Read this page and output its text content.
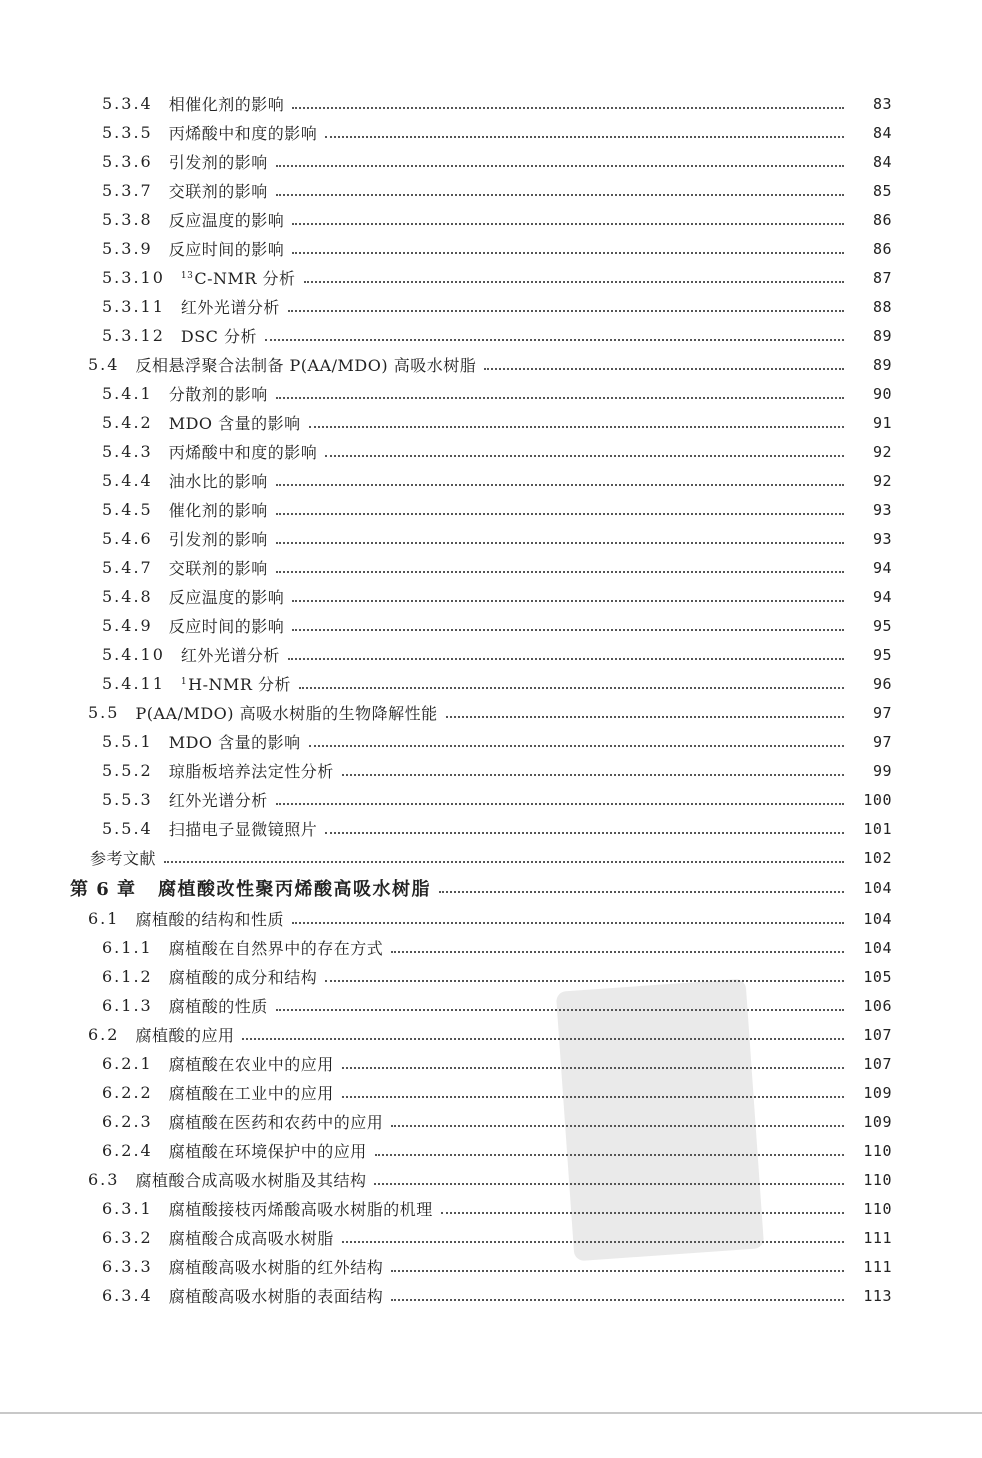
5.3.4 相催化剂的影响	83
5.3.5 丙烯酸中和度的影响	84
5.3.6 引发剂的影响	84
5.3.7 交联剂的影响	85
5.3.8 反应温度的影响	86
5.3.9 反应时间的影响	86
5.3.10 $^{13}$C-NMR 分析	87
5.3.11 红外光谱分析	88
5.3.12 DSC 分析	89
5.4 反相悬浮聚合法制备 P(AA/MDO) 高吸水树脂	89
5.4.1 分散剂的影响	90
5.4.2 MDO 含量的影响	91
5.4.3 丙烯酸中和度的影响	92
5.4.4 油水比的影响	92
5.4.5 催化剂的影响	93
5.4.6 引发剂的影响	93
5.4.7 交联剂的影响	94
5.4.8 反应温度的影响	94
5.4.9 反应时间的影响	95
5.4.10 红外光谱分析	95
5.4.11 $^1$H-NMR 分析	96
5.5 P(AA/MDO) 高吸水树脂的生物降解性能	97
5.5.1 MDO 含量的影响	97
5.5.2 琼脂板培养法定性分析	99
5.5.3 红外光谱分析	100
5.5.4 扫描电子显微镜照片	101
参考文献	102
第 6 章 腐植酸改性聚丙烯酸高吸水树脂	104
6.1 腐植酸的结构和性质	104
6.1.1 腐植酸在自然界中的存在方式	104
6.1.2 腐植酸的成分和结构	105
6.1.3 腐植酸的性质	106
6.2 腐植酸的应用	107
6.2.1 腐植酸在农业中的应用	107
6.2.2 腐植酸在工业中的应用	109
6.2.3 腐植酸在医药和农药中的应用	109
6.2.4 腐植酸在环境保护中的应用	110
6.3 腐植酸合成高吸水树脂及其结构	110
6.3.1 腐植酸接枝丙烯酸高吸水树脂的机理	110
6.3.2 腐植酸合成高吸水树脂	111
6.3.3 腐植酸高吸水树脂的红外结构	111
6.3.4 腐植酸高吸水树脂的表面结构	113
